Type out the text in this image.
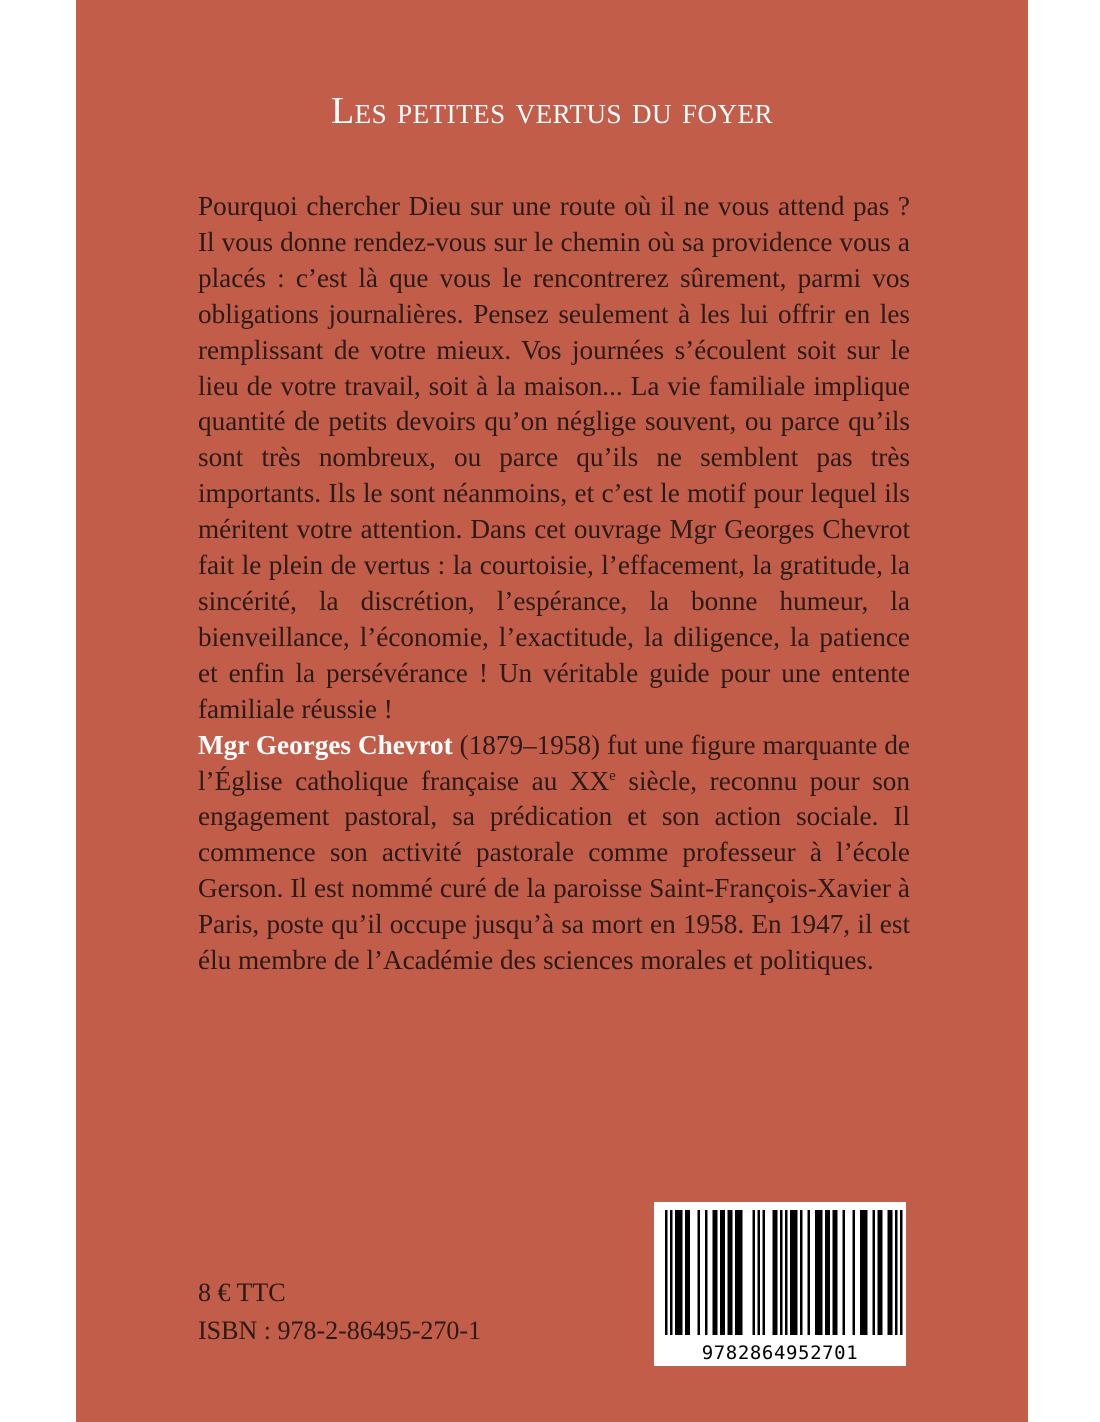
Les petites vertus du foyer

Pourquoi chercher Dieu sur une route où il ne vous attend pas ? Il vous donne rendez-vous sur le chemin où sa providence vous a placés : c’est là que vous le rencontrerez sûrement, parmi vos obligations journalières. Pensez seulement à les lui offrir en les remplissant de votre mieux. Vos journées s’écoulent soit sur le lieu de votre travail, soit à la maison... La vie familiale implique quantité de petits devoirs qu’on néglige souvent, ou parce qu’ils sont très nombreux, ou parce qu’ils ne semblent pas très importants. Ils le sont néanmoins, et c’est le motif pour lequel ils méritent votre attention. Dans cet ouvrage Mgr Georges Chevrot fait le plein de vertus : la courtoisie, l’effacement, la gratitude, la sincérité, la discrétion, l’espérance, la bonne humeur, la bienveillance, l’économie, l’exactitude, la diligence, la patience et enfin la persévérance ! Un véritable guide pour une entente familiale réussie !

Mgr Georges Chevrot (1879–1958) fut une figure marquante de l’Église catholique française au XXe siècle, reconnu pour son engagement pastoral, sa prédication et son action sociale. Il commence son activité pastorale comme professeur à l’école Gerson. Il est nommé curé de la paroisse Saint-François-Xavier à Paris, poste qu’il occupe jusqu’à sa mort en 1958. En 1947, il est élu membre de l’Académie des sciences morales et politiques.

8 € TTC
ISBN : 978-2-86495-270-1
9782864952701
